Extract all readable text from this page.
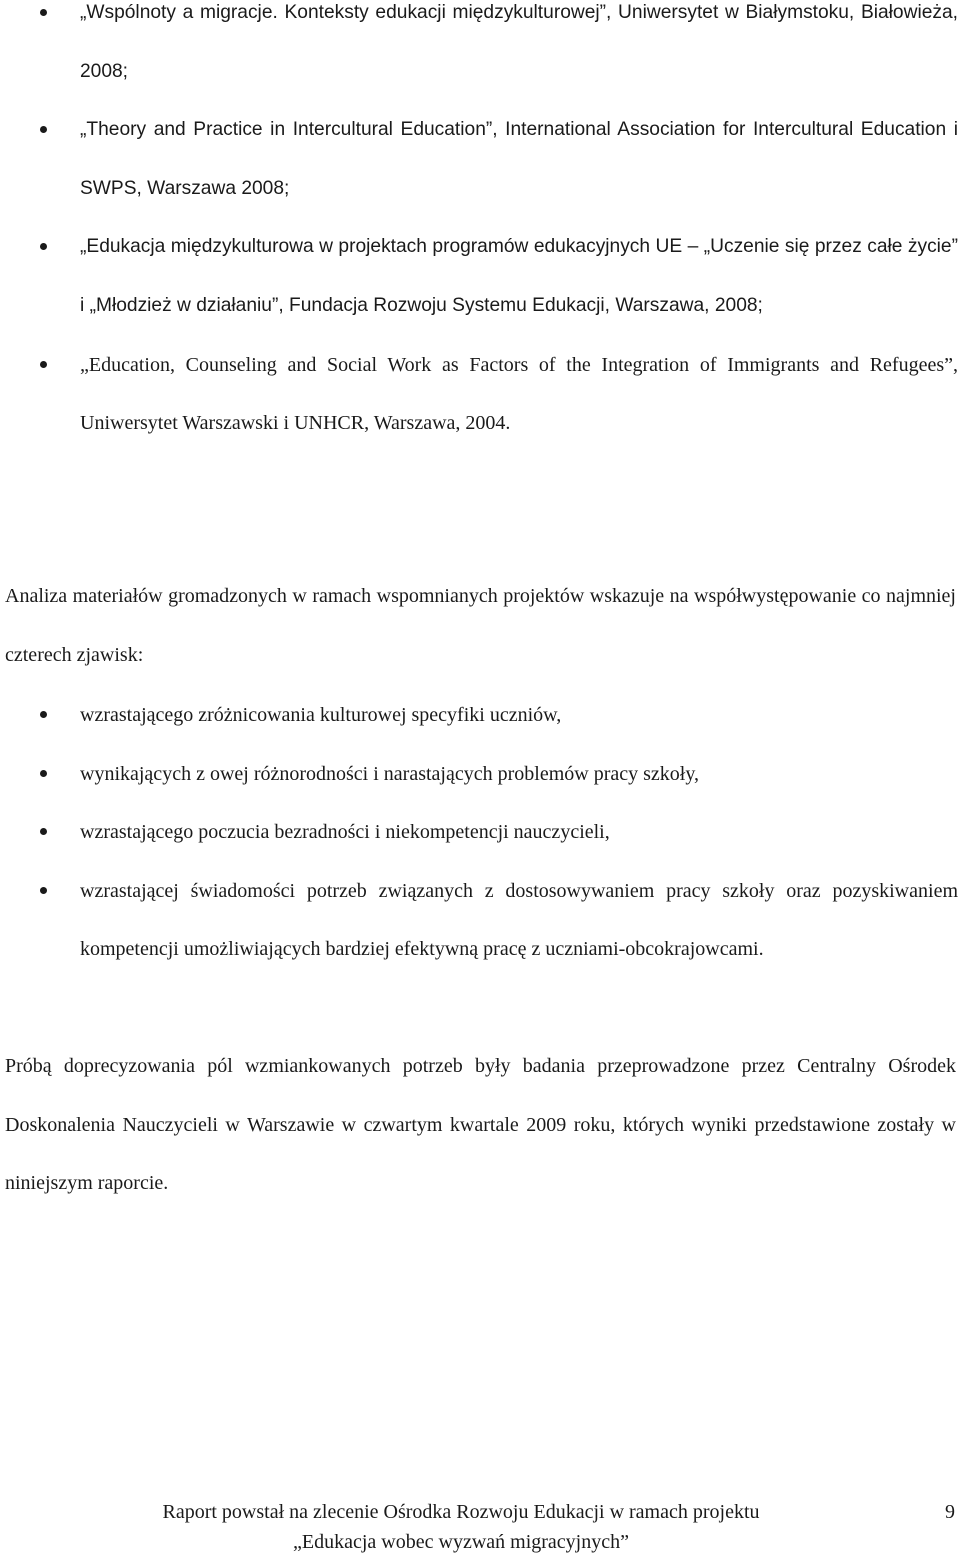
„Wspólnoty a migracje. Konteksty edukacji międzykulturowej”, Uniwersytet w Białymstoku, Białowieża, 2008;
„Theory and Practice in Intercultural Education”, International Association for Intercultural Education i SWPS, Warszawa 2008;
„Edukacja międzykulturowa w projektach programów edukacyjnych UE – „Uczenie się przez całe życie” i „Młodzież w działaniu”, Fundacja Rozwoju Systemu Edukacji, Warszawa, 2008;
„Education, Counseling and Social Work as Factors of the Integration of Immigrants and Refugees”, Uniwersytet Warszawski i UNHCR, Warszawa, 2004.

Analiza materiałów gromadzonych w ramach wspomnianych projektów wskazuje na współwystępowanie co najmniej czterech zjawisk:

wzrastającego zróżnicowania kulturowej specyfiki uczniów,
wynikających z owej różnorodności i narastających problemów pracy szkoły,
wzrastającego poczucia bezradności i niekompetencji nauczycieli,
wzrastającej świadomości potrzeb związanych z dostosowywaniem pracy szkoły oraz pozyskiwaniem kompetencji umożliwiających bardziej efektywną pracę z uczniami-obcokrajowcami.

Próbą doprecyzowania pól wzmiankowanych potrzeb były badania przeprowadzone przez Centralny Ośrodek Doskonalenia Nauczycieli w Warszawie w czwartym kwartale 2009 roku, których wyniki przedstawione zostały w niniejszym raporcie.

Raport powstał na zlecenie Ośrodka Rozwoju Edukacji w ramach projektu
„Edukacja wobec wyzwań migracyjnych”
9
